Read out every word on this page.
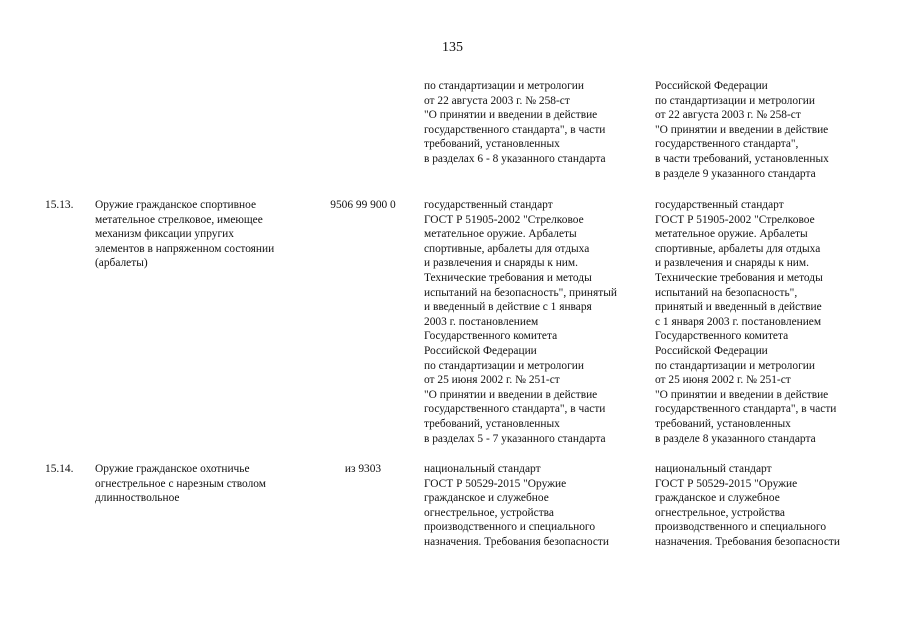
135
по стандартизации и метрологии
от 22 августа 2003 г. № 258-ст
"О принятии и введении в действие
государственного стандарта", в части
требований, установленных
в разделах 6 - 8 указанного стандарта
Российской Федерации
по стандартизации и метрологии
от 22 августа 2003 г. № 258-ст
"О принятии и введении в действие
государственного стандарта",
в части требований, установленных
в разделе 9 указанного стандарта
15.13. Оружие гражданское спортивное
метательное стрелковое, имеющее
механизм фиксации упругих
элементов в напряженном состоянии
(арбалеты)
9506 99 900 0	государственный стандарт
ГОСТ Р 51905-2002 "Стрелковое
метательное оружие. Арбалеты
спортивные, арбалеты для отдыха
и развлечения и снаряды к ним.
Технические требования и методы
испытаний на безопасность", принятый
и введенный в действие с 1 января
2003 г. постановлением
Государственного комитета
Российской Федерации
по стандартизации и метрологии
от 25 июня 2002 г. № 251-ст
"О принятии и введении в действие
государственного стандарта", в части
требований, установленных
в разделах 5 - 7 указанного стандарта
государственный стандарт
ГОСТ Р 51905-2002 "Стрелковое
метательное оружие. Арбалеты
спортивные, арбалеты для отдыха
и развлечения и снаряды к ним.
Технические требования и методы
испытаний на безопасность",
принятый и введенный в действие
с 1 января 2003 г. постановлением
Государственного комитета
Российской Федерации
по стандартизации и метрологии
от 25 июня 2002 г. № 251-ст
"О принятии и введении в действие
государственного стандарта", в части
требований, установленных
в разделе 8 указанного стандарта
15.14. Оружие гражданское охотничье
огнестрельное с нарезным стволом
длинноствольное
из 9303	национальный стандарт
ГОСТ Р 50529-2015 "Оружие
гражданское и служебное
огнестрельное, устройства
производственного и специального
назначения. Требования безопасности
национальный стандарт
ГОСТ Р 50529-2015 "Оружие
гражданское и служебное
огнестрельное, устройства
производственного и специального
назначения. Требования безопасности
